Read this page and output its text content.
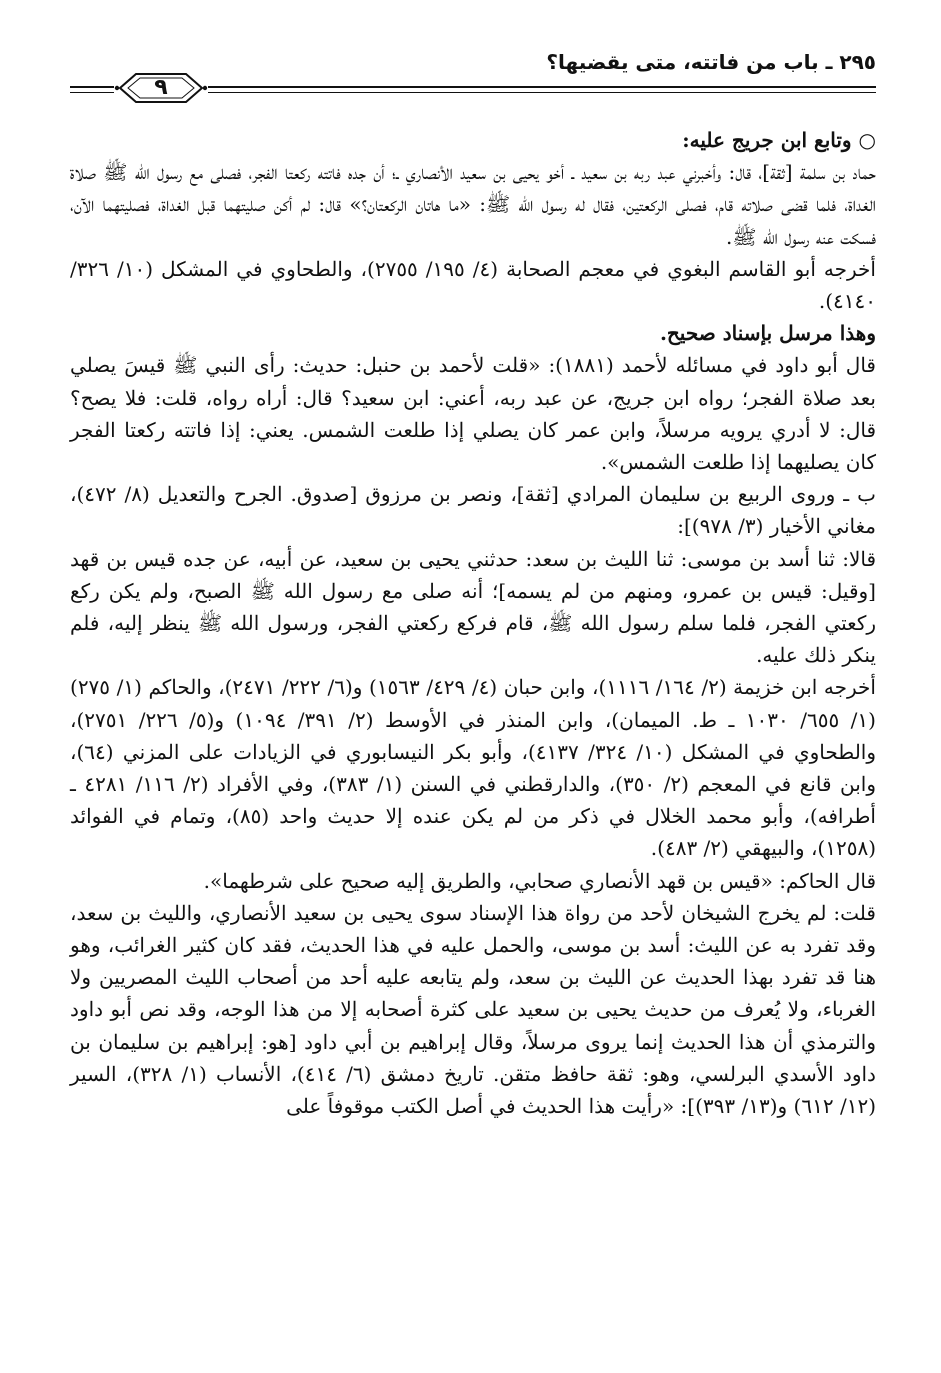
٢٩٥ ـ باب من فاتته، متى يقضيها؟
٩

○ وتابع ابن جريج عليه:

حماد بن سلمة [ثقة]، قال: وأخبرني عبد ربه بن سعيد ـ أخو يحيى بن سعيد الأنصاري ـ؛ أن جده فاتته ركعتا الفجر، فصلى مع رسول الله ﷺ صلاة الغداة، فلما قضى صلاته قام، فصلى الركعتين، فقال له رسول الله ﷺ: «ما هاتان الركعتان؟» قال: لم أكن صليتهما قبل الغداة، فصليتهما الآن، فسكت عنه رسول الله ﷺ.

أخرجه أبو القاسم البغوي في معجم الصحابة (٤/ ١٩٥/ ٢٧٥٥)، والطحاوي في المشكل (١٠/ ٣٢٦/ ٤١٤٠).

وهذا مرسل بإسناد صحيح.

قال أبو داود في مسائله لأحمد (١٨٨١): «قلت لأحمد بن حنبل: حديث: رأى النبي ﷺ قيسَ يصلي بعد صلاة الفجر؛ رواه ابن جريج، عن عبد ربه، أعني: ابن سعيد؟ قال: أراه رواه، قلت: فلا يصح؟ قال: لا أدري يرويه مرسلاً، وابن عمر كان يصلي إذا طلعت الشمس. يعني: إذا فاتته ركعتا الفجر كان يصليهما إذا طلعت الشمس».

ب ـ وروى الربيع بن سليمان المرادي [ثقة]، ونصر بن مرزوق [صدوق. الجرح والتعديل (٨/ ٤٧٢)، مغاني الأخيار (٣/ ٩٧٨)]:

قالا: ثنا أسد بن موسى: ثنا الليث بن سعد: حدثني يحيى بن سعيد، عن أبيه، عن جده قيس بن قهد [وقيل: قيس بن عمرو، ومنهم من لم يسمه]؛ أنه صلى مع رسول الله ﷺ الصبح، ولم يكن ركع ركعتي الفجر، فلما سلم رسول الله ﷺ، قام فركع ركعتي الفجر، ورسول الله ﷺ ينظر إليه، فلم ينكر ذلك عليه.

أخرجه ابن خزيمة (٢/ ١٦٤/ ١١١٦)، وابن حبان (٤/ ٤٢٩/ ١٥٦٣) و(٦/ ٢٢٢/ ٢٤٧١)، والحاكم (١/ ٢٧٥) (١/ ٦٥٥/ ١٠٣٠ ـ ط. الميمان)، وابن المنذر في الأوسط (٢/ ٣٩١/ ١٠٩٤) و(٥/ ٢٢٦/ ٢٧٥١)، والطحاوي في المشكل (١٠/ ٣٢٤/ ٤١٣٧)، وأبو بكر النيسابوري في الزيادات على المزني (٦٤)، وابن قانع في المعجم (٢/ ٣٥٠)، والدارقطني في السنن (١/ ٣٨٣)، وفي الأفراد (٢/ ١١٦/ ٤٢٨١ ـ أطرافه)، وأبو محمد الخلال في ذكر من لم يكن عنده إلا حديث واحد (٨٥)، وتمام في الفوائد (١٢٥٨)، والبيهقي (٢/ ٤٨٣).

قال الحاكم: «قيس بن قهد الأنصاري صحابي، والطريق إليه صحيح على شرطهما».

قلت: لم يخرج الشيخان لأحد من رواة هذا الإسناد سوى يحيى بن سعيد الأنصاري، والليث بن سعد، وقد تفرد به عن الليث: أسد بن موسى، والحمل عليه في هذا الحديث، فقد كان كثير الغرائب، وهو هنا قد تفرد بهذا الحديث عن الليث بن سعد، ولم يتابعه عليه أحد من أصحاب الليث المصريين ولا الغرباء، ولا يُعرف من حديث يحيى بن سعيد على كثرة أصحابه إلا من هذا الوجه، وقد نص أبو داود والترمذي أن هذا الحديث إنما يروى مرسلاً، وقال إبراهيم بن أبي داود [هو: إبراهيم بن سليمان بن داود الأسدي البرلسي، وهو: ثقة حافظ متقن. تاريخ دمشق (٦/ ٤١٤)، الأنساب (١/ ٣٢٨)، السير (١٢/ ٦١٢) و(١٣/ ٣٩٣)]: «رأيت هذا الحديث في أصل الكتب موقوفاً على
